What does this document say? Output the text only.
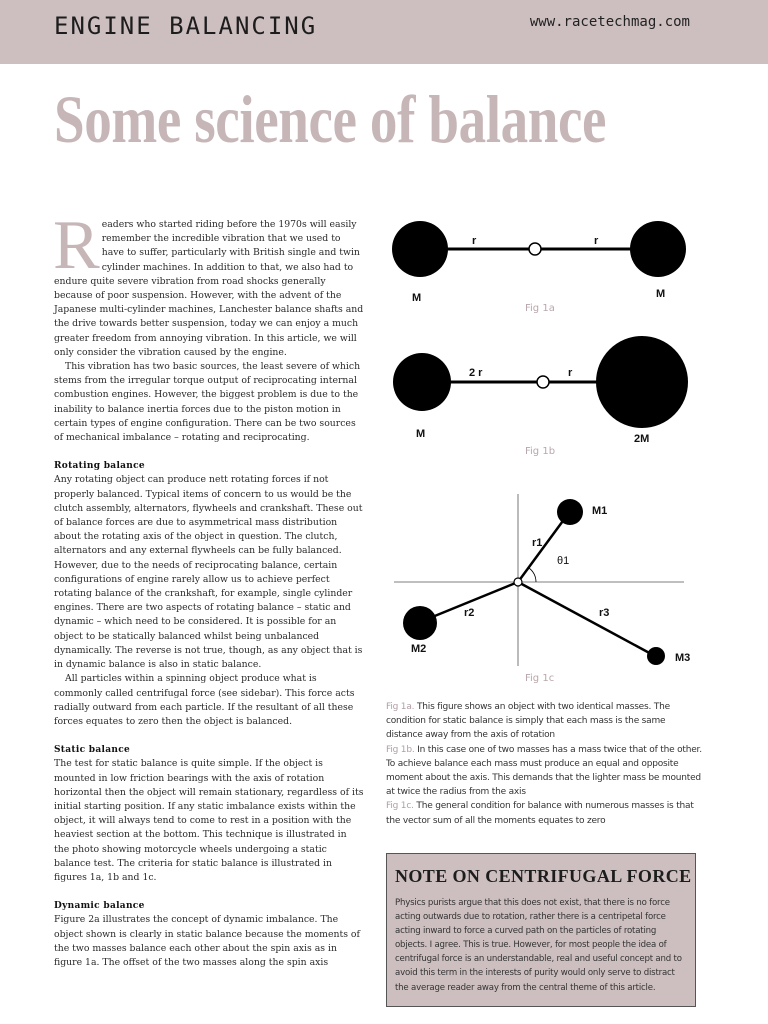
ENGINE BALANCING	www.racetechmag.com
Some science of balance

Readers who started riding before the 1970s will easily remember the incredible vibration that we used to have to suffer, particularly with British single and twin cylinder machines. In addition to that, we also had to endure quite severe vibration from road shocks generally because of poor suspension. However, with the advent of the Japanese multi-cylinder machines, Lanchester balance shafts and the drive towards better suspension, today we can enjoy a much greater freedom from annoying vibration. In this article, we will only consider the vibration caused by the engine.

This vibration has two basic sources, the least severe of which stems from the irregular torque output of reciprocating internal combustion engines. However, the biggest problem is due to the inability to balance inertia forces due to the piston motion in certain types of engine configuration. There can be two sources of mechanical imbalance – rotating and reciprocating.

Rotating balance

Any rotating object can produce nett rotating forces if not properly balanced. Typical items of concern to us would be the clutch assembly, alternators, flywheels and crankshaft. These out of balance forces are due to asymmetrical mass distribution about the rotating axis of the object in question. The clutch, alternators and any external flywheels can be fully balanced. However, due to the needs of reciprocating balance, certain configurations of engine rarely allow us to achieve perfect rotating balance of the crankshaft, for example, single cylinder engines. There are two aspects of rotating balance – static and dynamic – which need to be considered. It is possible for an object to be statically balanced whilst being unbalanced dynamically. The reverse is not true, though, as any object that is in dynamic balance is also in static balance.

All particles within a spinning object produce what is commonly called centrifugal force (see sidebar). This force acts radially outward from each particle. If the resultant of all these forces equates to zero then the object is balanced.

Static balance

The test for static balance is quite simple. If the object is mounted in low friction bearings with the axis of rotation horizontal then the object will remain stationary, regardless of its initial starting position. If any static imbalance exists within the object, it will always tend to come to rest in a position with the heaviest section at the bottom. This technique is illustrated in the photo showing motorcycle wheels undergoing a static balance test. The criteria for static balance is illustrated in figures 1a, 1b and 1c.

Dynamic balance

Figure 2a illustrates the concept of dynamic imbalance. The object shown is clearly in static balance because the moments of the two masses balance each other about the spin axis as in figure 1a. The offset of the two masses along the spin axis

r	r
M	M
Fig 1a
2 r	r
M	2M
Fig 1b
M1
M2
M3
r1
r2	r3
θ1
Fig 1c

Fig 1a. This figure shows an object with two identical masses. The condition for static balance is simply that each mass is the same distance away from the axis of rotation

Fig 1b. In this case one of two masses has a mass twice that of the other. To achieve balance each mass must produce an equal and opposite moment about the axis. This demands that the lighter mass be mounted at twice the radius from the axis

Fig 1c. The general condition for balance with numerous masses is that the vector sum of all the moments equates to zero

NOTE ON CENTRIFUGAL FORCE
Physics purists argue that this does not exist, that there is no force acting outwards due to rotation, rather there is a centripetal force acting inward to force a curved path on the particles of rotating objects. I agree. This is true. However, for most people the idea of centrifugal force is an understandable, real and useful concept and to avoid this term in the interests of purity would only serve to distract the average reader away from the central theme of this article.
